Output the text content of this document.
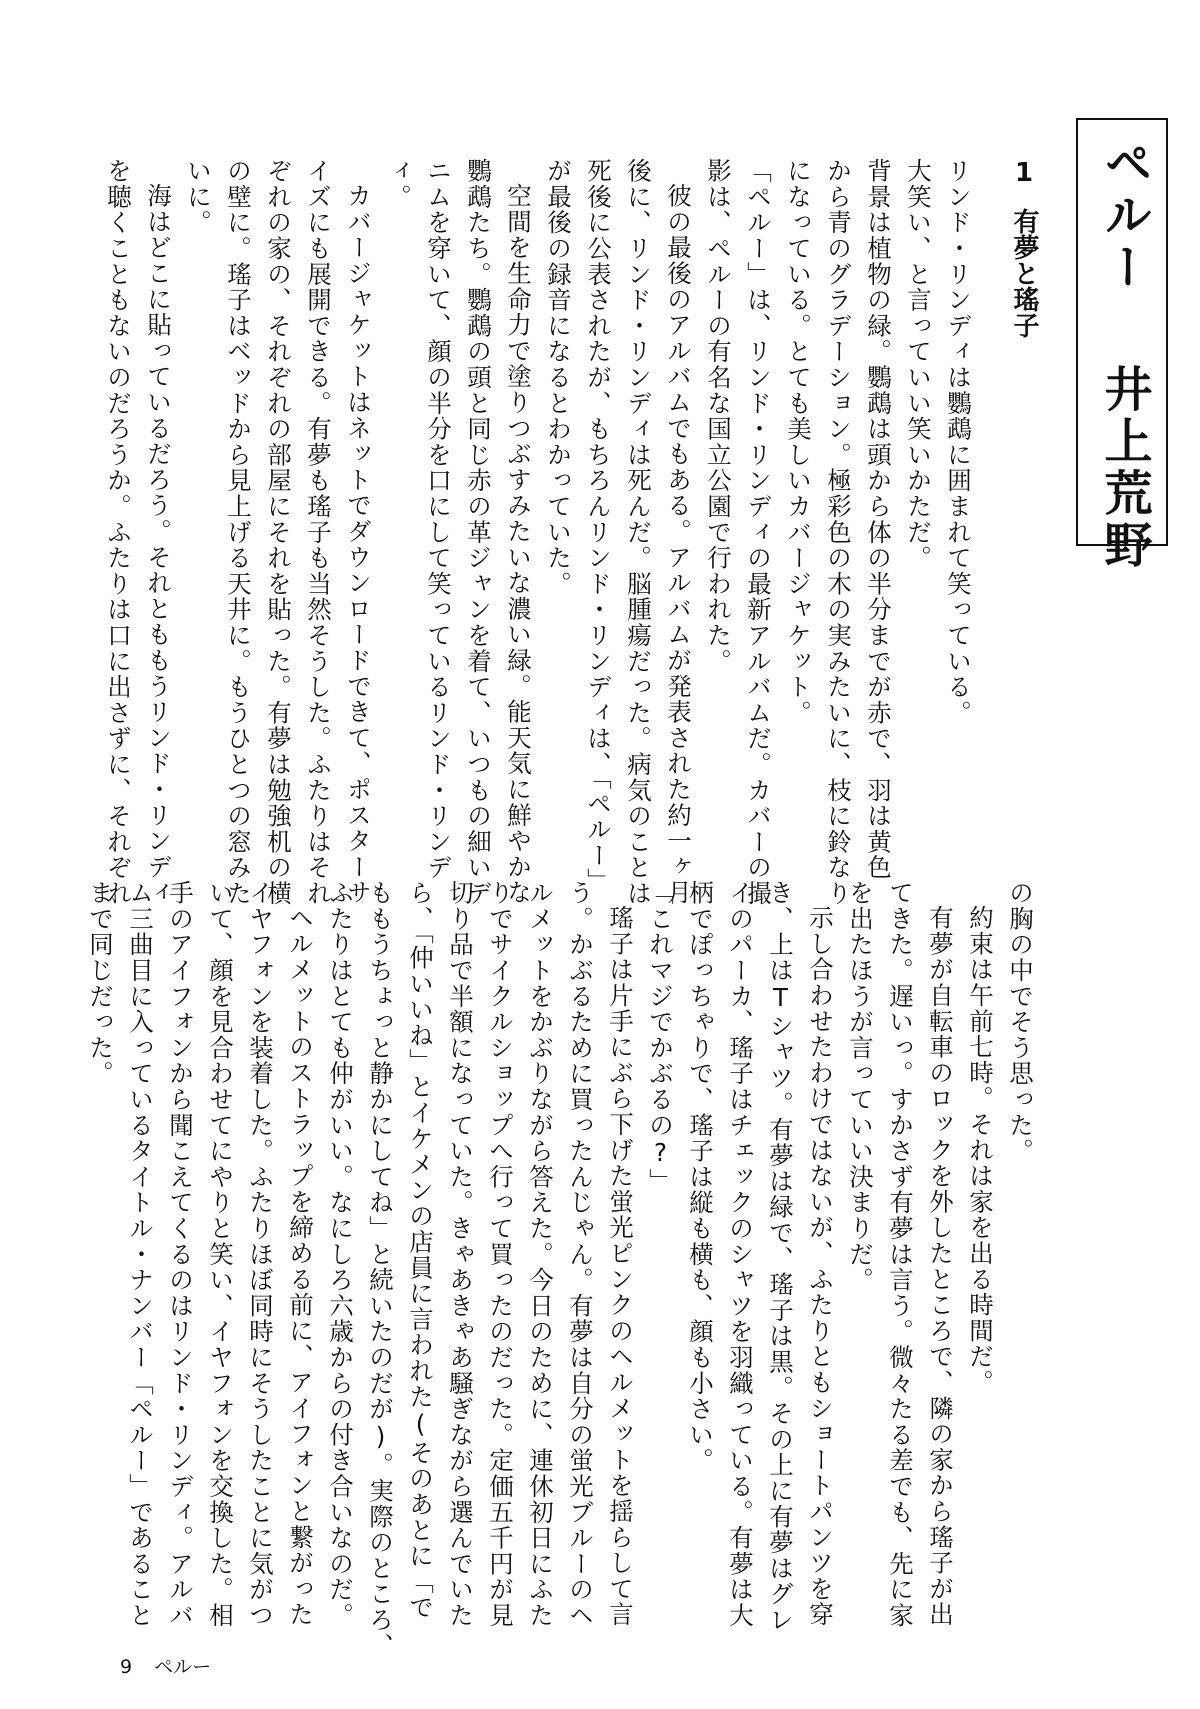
ペルー井上荒野
1有夢と瑤子

リンド・リンディは鸚鵡に囲まれて笑っている。
大笑い、と言っていい笑いかただ。

背景は植物の緑。鸚鵡は頭から体の半分までが赤で、羽は黄色
から青のグラデーション。極彩色の木の実みたいに、枝に鈴なり
になっている。とても美しいカバージャケット。

「ペルー」は、リンド・リンディの最新アルバムだ。カバーの撮
影は、ペルーの有名な国立公園で行われた。

彼の最後のアルバムでもある。アルバムが発表された約一ヶ月
後に、リンド・リンディは死んだ。脳腫瘍だった。病気のことは
死後に公表されたが、もちろんリンド・リンディは、「ペルー」
が最後の録音になるとわかっていた。

空間を生命力で塗りつぶすみたいな濃い緑。能天気に鮮やかな
鸚鵡たち。鸚鵡の頭と同じ赤の革ジャンを着て、いつもの細いデ
ニムを穿いて、顔の半分を口にして笑っているリンド・リンデ
ィ。

カバージャケットはネットでダウンロードできて、ポスターサ
イズにも展開できる。有夢も瑤子も当然そうした。ふたりはそれ
ぞれの家の、それぞれの部屋にそれを貼った。有夢は勉強机の横
の壁に。瑤子はベッドから見上げる天井に。もうひとつの窓みた
いに。

海はどこに貼っているだろう。それとももうリンド・リンディ
を聴くこともないのだろうか。ふたりは口に出さずに、それぞれ

の胸の中でそう思った。

約束は午前七時。それは家を出る時間だ。

有夢が自転車のロックを外したところで、隣の家から瑤子が出
てきた。遅いっ。すかさず有夢は言う。微々たる差でも、先に家
を出たほうが言っていい決まりだ。

示し合わせたわけではないが、ふたりともショートパンツを穿
き、上はTシャツ。有夢は緑で、瑤子は黒。その上に有夢はグレ
イのパーカ、瑤子はチェックのシャツを羽織っている。有夢は大
柄でぽっちゃりで、瑤子は縦も横も、顔も小さい。

「これマジでかぶるの?」

瑤子は片手にぶら下げた蛍光ピンクのヘルメットを揺らして言
う。かぶるために買ったんじゃん。有夢は自分の蛍光ブルーのヘ
ルメットをかぶりながら答えた。今日のために、連休初日にふた
りでサイクルショップへ行って買ったのだった。定価五千円が見
切り品で半額になっていた。きゃあきゃあ騒ぎながら選んでいた
ら、「仲いいね」とイケメンの店員に言われた(そのあとに「で
ももうちょっと静かにしてね」と続いたのだが)。実際のところ、
ふたりはとても仲がいい。なにしろ六歳からの付き合いなのだ。

ヘルメットのストラップを締める前に、アイフォンと繋がった
イヤフォンを装着した。ふたりほぼ同時にそうしたことに気がつ
いて、顔を見合わせてにやりと笑い、イヤフォンを交換した。相
手のアイフォンから聞こえてくるのはリンド・リンディ。アルバ
ム三曲目に入っているタイトル・ナンバー「ペルー」であること
まで同じだった。

9 ペルー
